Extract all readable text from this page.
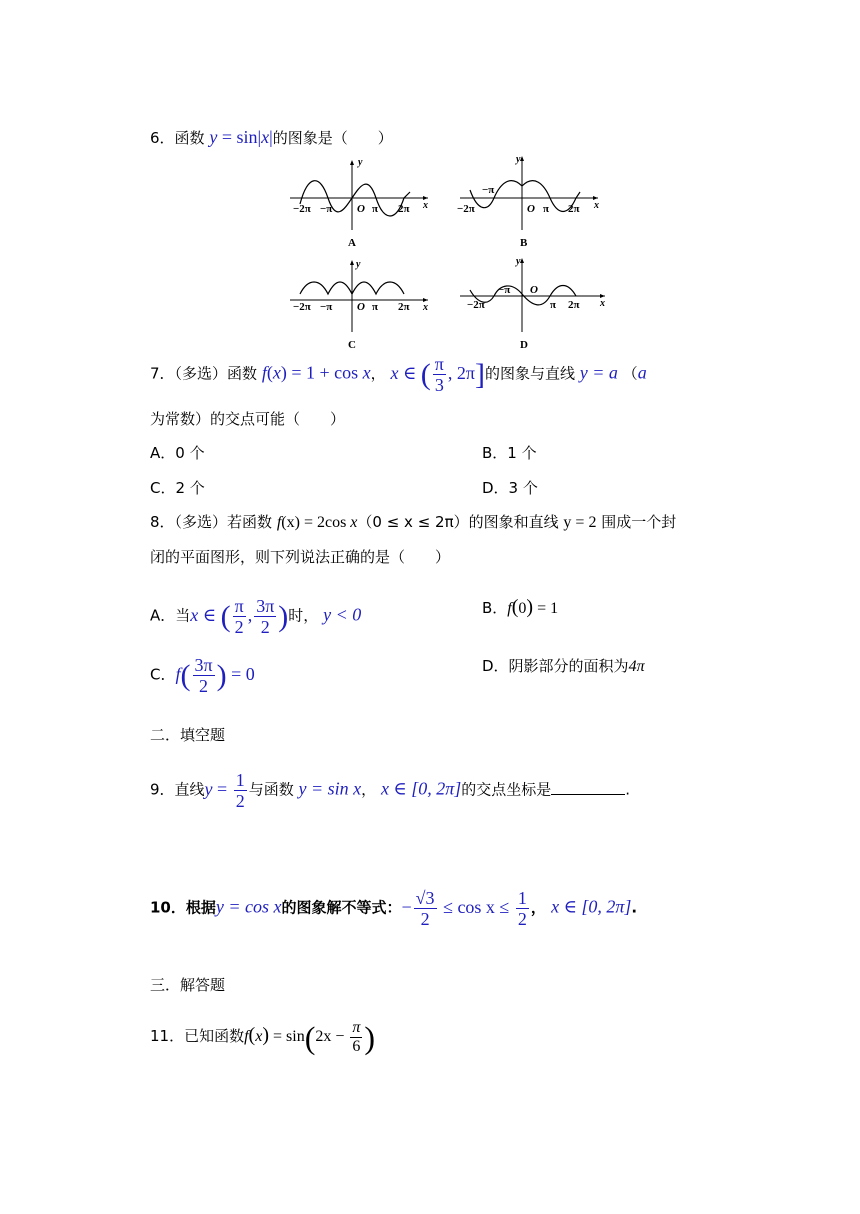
6．函数 y = sin|x|的图象是（　　）
y
x
−2π −π O π 2π
A
y
x
−2π
−π
O π 2π
B
y
x
−2π −π O π 2π
C
y
x
−2π
−π O
π 2π
D
7．（多选）函数 f(x) = 1 + cos x， x ∈ ( $\frac{\pi}{3}$ , 2π]的图象与直线 y = a （a
为常数）的交点可能（　　）
A．0 个	B．1 个
C．2 个	D．3 个
8．（多选）若函数 f(x) = 2cos x（0 ≤ x ≤ 2π）的图象和直线 y = 2 围成一个封
闭的平面图形，则下列说法正确的是（　　）
A．当x ∈ ( $\frac{\pi}{2}$ , $\frac{3\pi}{2}$ )时， y < 0	B．f(0) = 1
C．$f( \frac{3\pi}{2}$ ) = 0	D．阴影部分的面积为4π
二．填空题
9．直线$y = \frac{1}{2}$ 与函数 y = sin x， x ∈ [0, 2π]的交点坐标是	.
10．根据y = cos x的图象解不等式：− $\frac{√3}{2} \le \cos x \le \frac{1}{2}$ ， x ∈ [0, 2π].
三．解答题
11．已知函数$f(x) = \sin(2x - \frac{\pi}{6}$ )
